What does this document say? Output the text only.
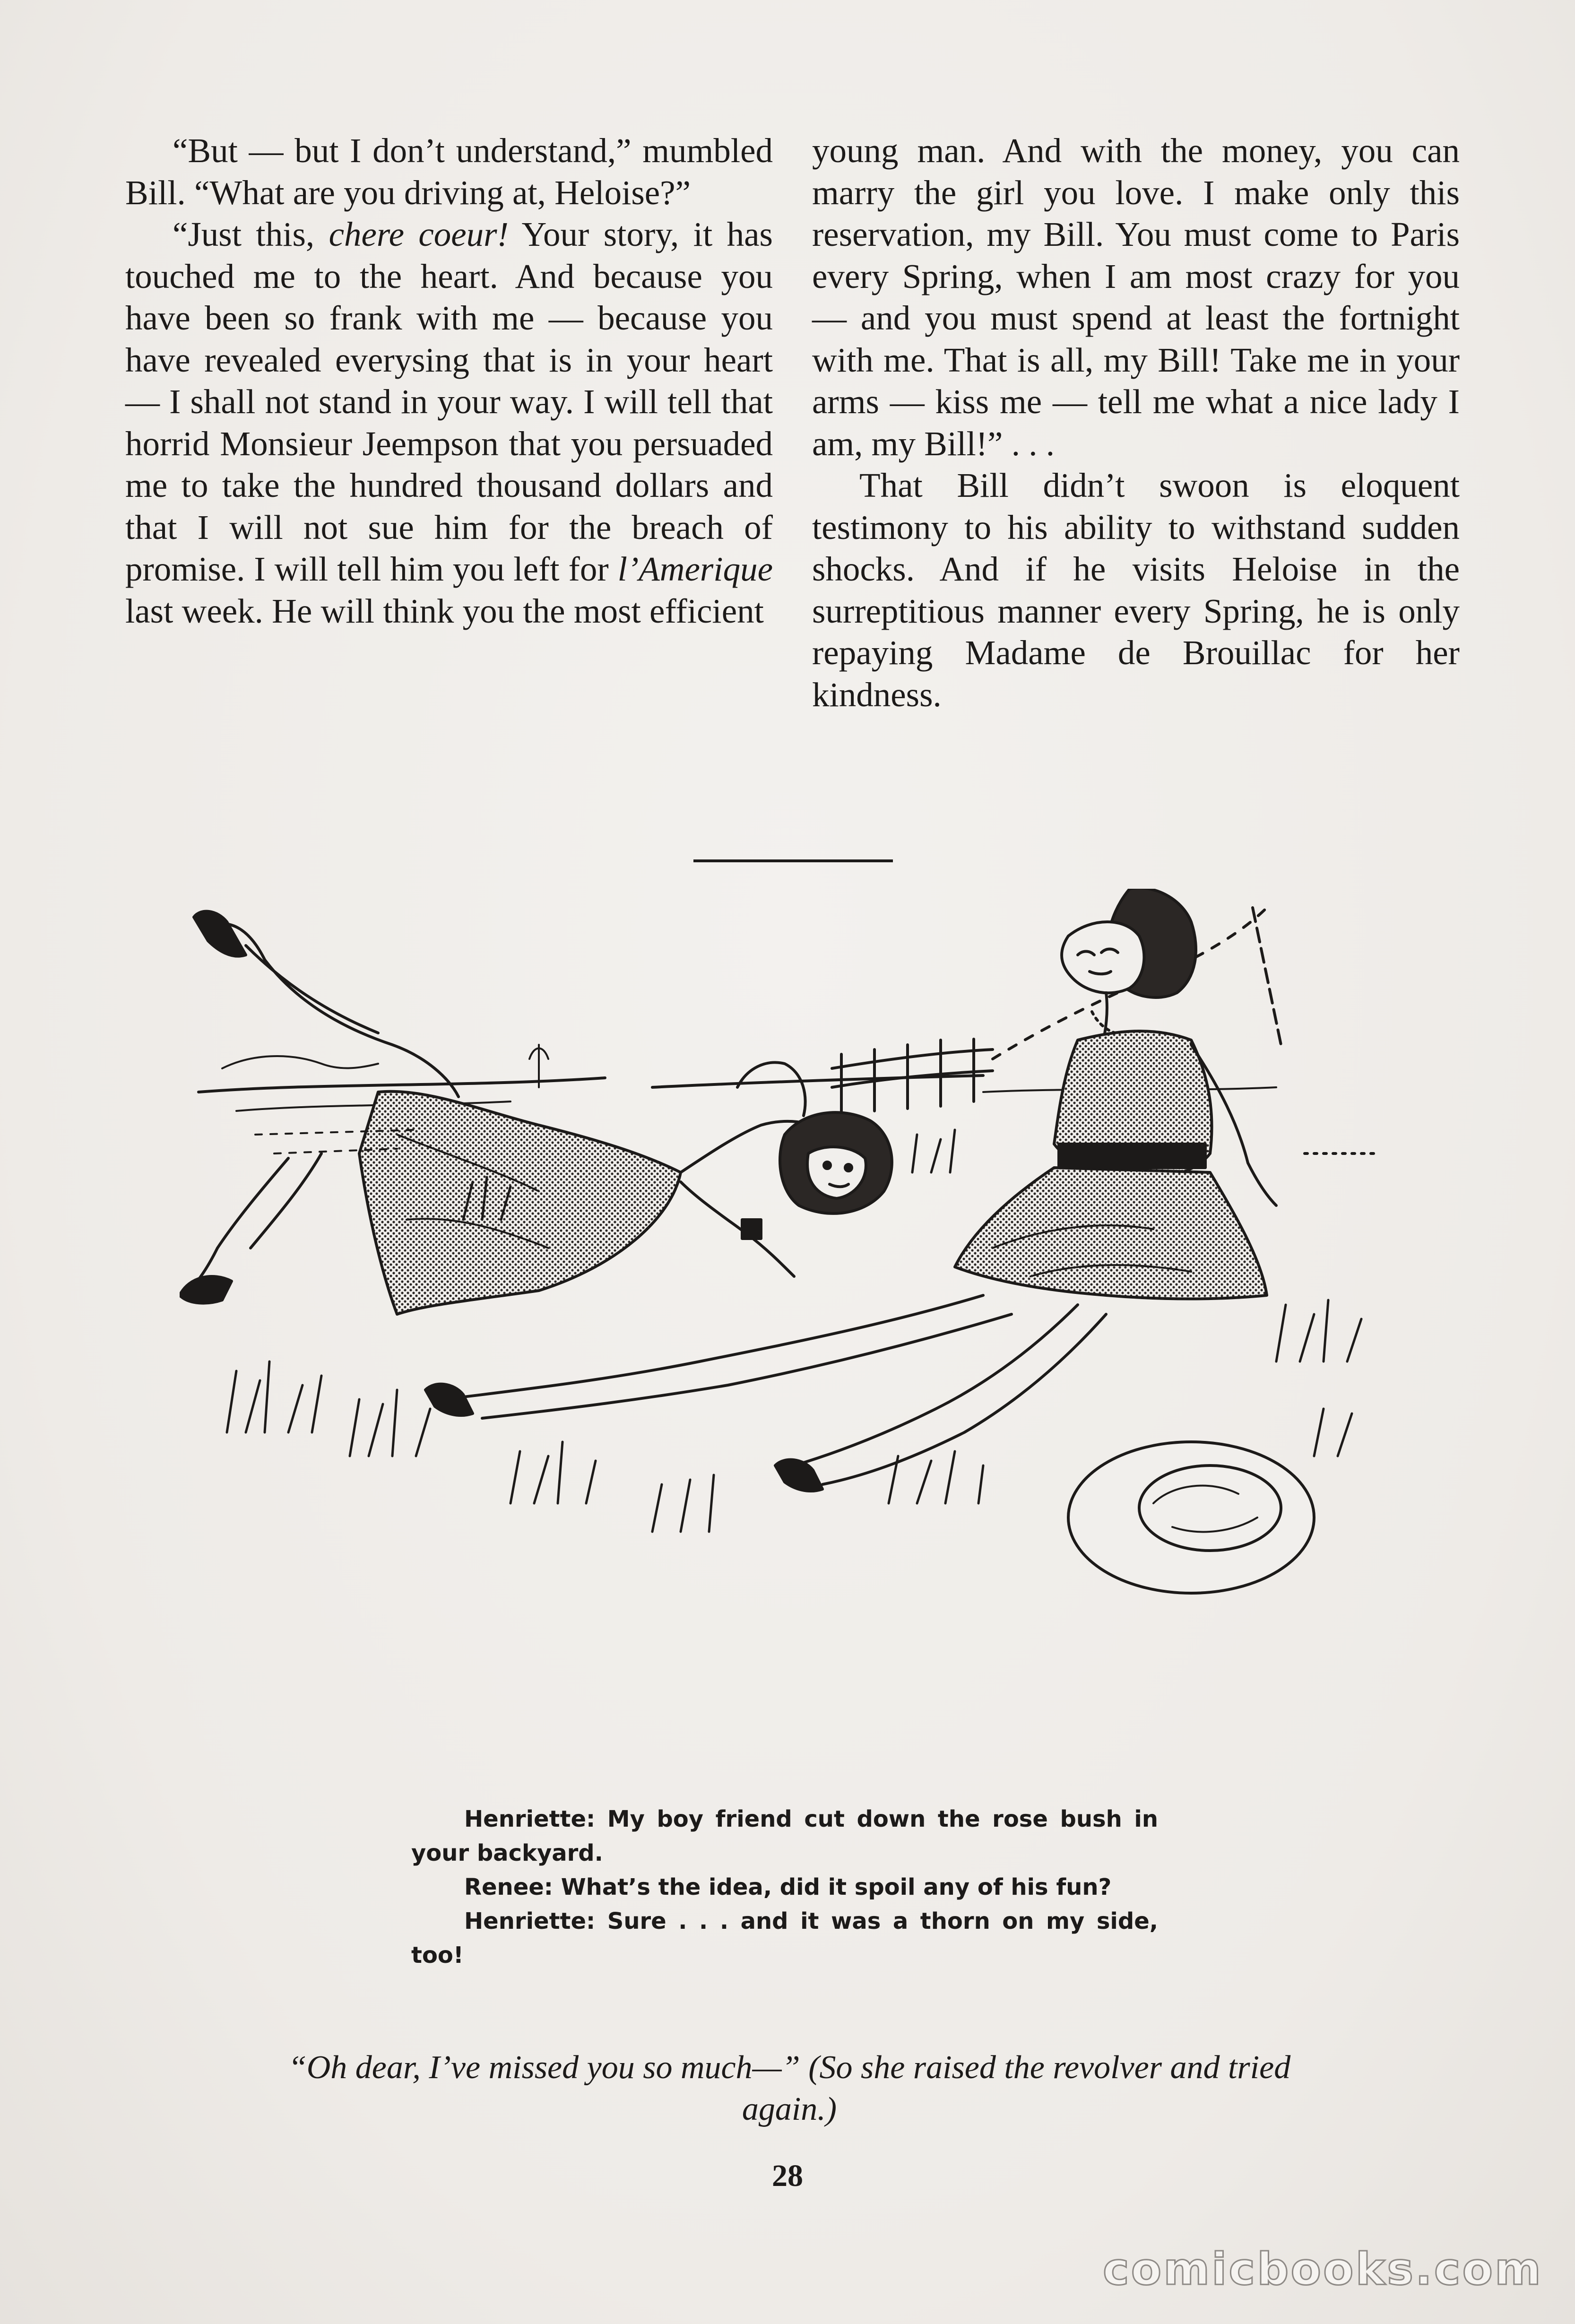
“But — but I don’t understand,” mumbled Bill. “What are you driving at, Heloise?”

“Just this, chere coeur! Your story, it has touched me to the heart. And because you have been so frank with me — because you have revealed everysing that is in your heart — I shall not stand in your way. I will tell that horrid Monsieur Jeempson that you persuaded me to take the hundred thousand dollars and that I will not sue him for the breach of promise. I will tell him you left for l’Amerique last week. He will think you the most efficient

young man. And with the money, you can marry the girl you love. I make only this reservation, my Bill. You must come to Paris every Spring, when I am most crazy for you — and you must spend at least the fortnight with me. That is all, my Bill! Take me in your arms — kiss me — tell me what a nice lady I am, my Bill!” . . .

That Bill didn’t swoon is eloquent testimony to his ability to withstand sudden shocks. And if he visits Heloise in the surreptitious manner every Spring, he is only repaying Madame de Brouillac for her kindness.

Henriette: My boy friend cut down the rose bush in your backyard.

Renee: What’s the idea, did it spoil any of his fun?

Henriette: Sure . . . and it was a thorn on my side, too!

“Oh dear, I’ve missed you so much—” (So she raised the revolver and tried again.)
28
comicbooks.com
